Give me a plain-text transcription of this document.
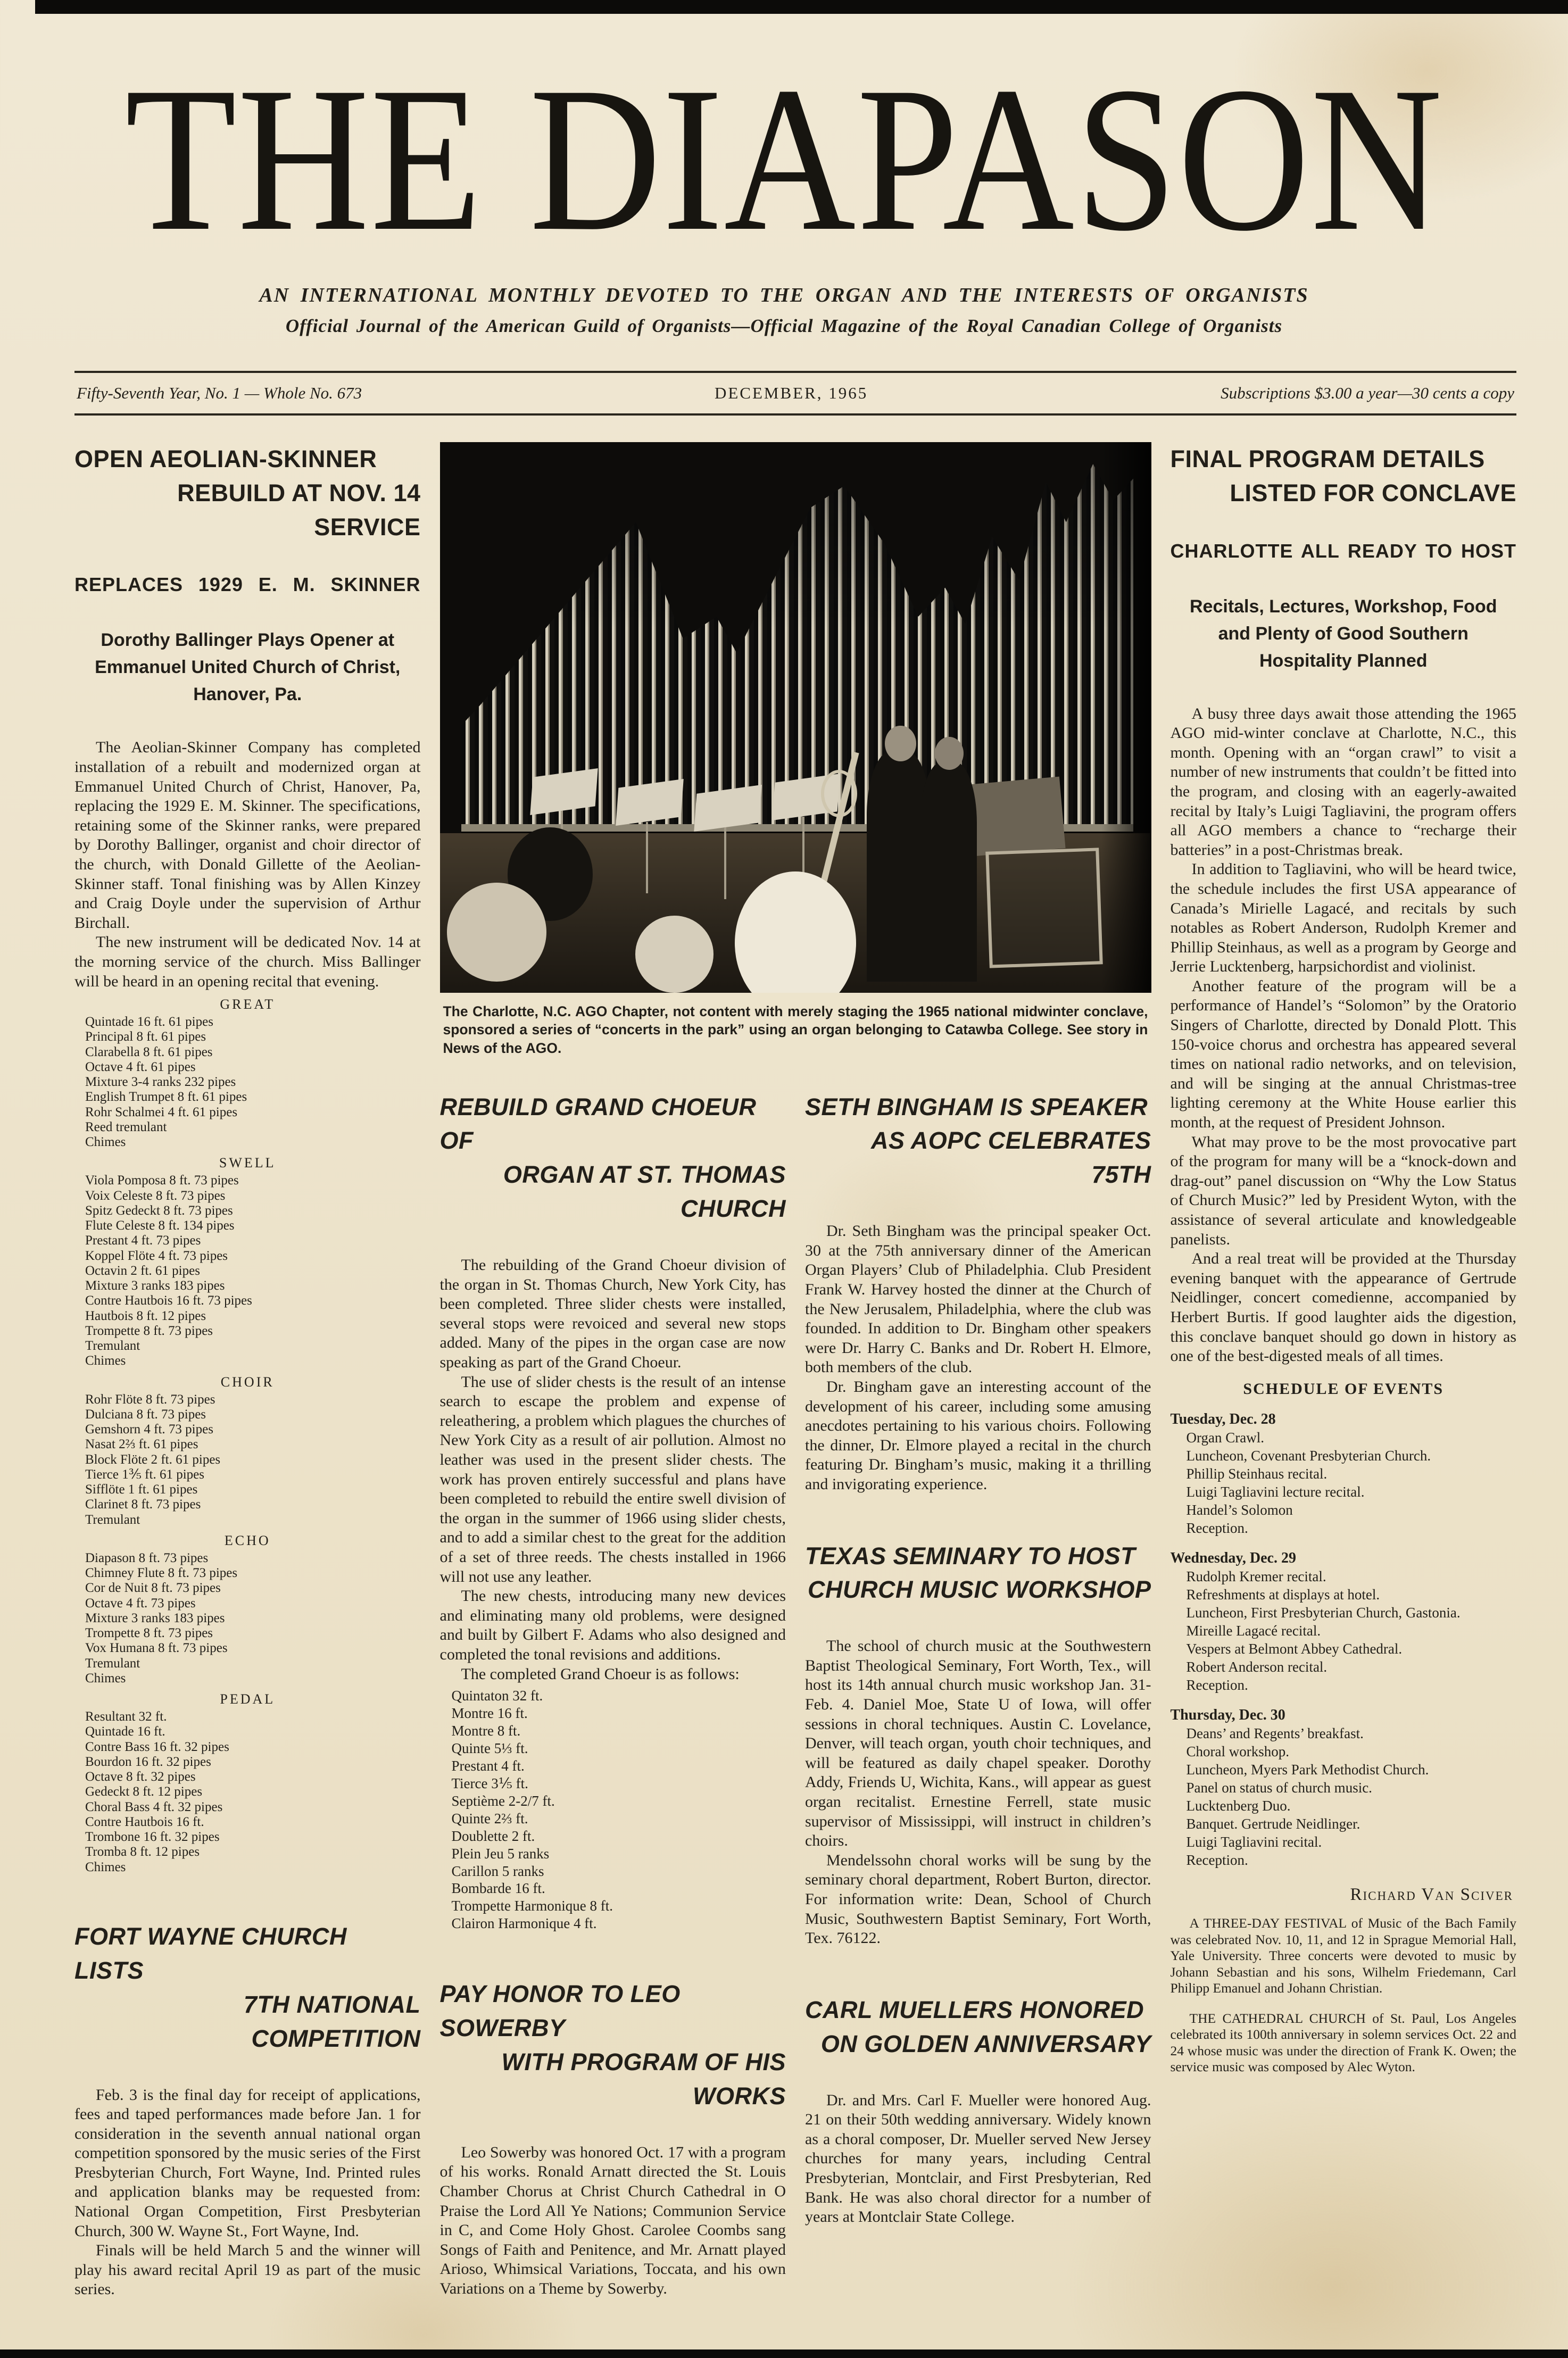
THE DIAPASON
AN INTERNATIONAL MONTHLY DEVOTED TO THE ORGAN AND THE INTERESTS OF ORGANISTS
Official Journal of the American Guild of Organists—Official Magazine of the Royal Canadian College of Organists
Fifty-Seventh Year, No. 1 — Whole No. 673	DECEMBER, 1965	Subscriptions $3.00 a year—30 cents a copy
OPEN AEOLIAN-SKINNER
REBUILD AT NOV. 14 SERVICE
REPLACES 1929 E. M. SKINNER
Dorothy Ballinger Plays Opener at Emmanuel United Church of Christ, Hanover, Pa.

The Aeolian-Skinner Company has completed installation of a rebuilt and modernized organ at Emmanuel United Church of Christ, Hanover, Pa, replacing the 1929 E. M. Skinner. The specifications, retaining some of the Skinner ranks, were prepared by Dorothy Ballinger, organist and choir director of the church, with Donald Gillette of the Aeolian-Skinner staff. Tonal finishing was by Allen Kinzey and Craig Doyle under the supervision of Arthur Birchall.

The new instrument will be dedicated Nov. 14 at the morning service of the church. Miss Ballinger will be heard in an opening recital that evening.

GREAT
Quintade 16 ft. 61 pipes
Principal 8 ft. 61 pipes
Clarabella 8 ft. 61 pipes
Octave 4 ft. 61 pipes
Mixture 3-4 ranks 232 pipes
English Trumpet 8 ft. 61 pipes
Rohr Schalmei 4 ft. 61 pipes
Reed tremulant
Chimes
SWELL
Viola Pomposa 8 ft. 73 pipes
Voix Celeste 8 ft. 73 pipes
Spitz Gedeckt 8 ft. 73 pipes
Flute Celeste 8 ft. 134 pipes
Prestant 4 ft. 73 pipes
Koppel Flöte 4 ft. 73 pipes
Octavin 2 ft. 61 pipes
Mixture 3 ranks 183 pipes
Contre Hautbois 16 ft. 73 pipes
Hautbois 8 ft. 12 pipes
Trompette 8 ft. 73 pipes
Tremulant
Chimes
CHOIR
Rohr Flöte 8 ft. 73 pipes
Dulciana 8 ft. 73 pipes
Gemshorn 4 ft. 73 pipes
Nasat 2⅔ ft. 61 pipes
Block Flöte 2 ft. 61 pipes
Tierce 1⅗ ft. 61 pipes
Sifflöte 1 ft. 61 pipes
Clarinet 8 ft. 73 pipes
Tremulant
ECHO
Diapason 8 ft. 73 pipes
Chimney Flute 8 ft. 73 pipes
Cor de Nuit 8 ft. 73 pipes
Octave 4 ft. 73 pipes
Mixture 3 ranks 183 pipes
Trompette 8 ft. 73 pipes
Vox Humana 8 ft. 73 pipes
Tremulant
Chimes
PEDAL
Resultant 32 ft.
Quintade 16 ft.
Contre Bass 16 ft. 32 pipes
Bourdon 16 ft. 32 pipes
Octave 8 ft. 32 pipes
Gedeckt 8 ft. 12 pipes
Choral Bass 4 ft. 32 pipes
Contre Hautbois 16 ft.
Trombone 16 ft. 32 pipes
Tromba 8 ft. 12 pipes
Chimes
FORT WAYNE CHURCH LISTS
7TH NATIONAL COMPETITION

Feb. 3 is the final day for receipt of applications, fees and taped performances made before Jan. 1 for consideration in the seventh annual national organ competition sponsored by the music series of the First Presbyterian Church, Fort Wayne, Ind. Printed rules and application blanks may be requested from: National Organ Competition, First Presbyterian Church, 300 W. Wayne St., Fort Wayne, Ind.

Finals will be held March 5 and the winner will play his award recital April 19 as part of the music series.

The Charlotte, N.C. AGO Chapter, not content with merely staging the 1965 national midwinter conclave, sponsored a series of “concerts in the park” using an organ belonging to Catawba College. See story in News of the AGO.
REBUILD GRAND CHOEUR OF
ORGAN AT ST. THOMAS CHURCH

The rebuilding of the Grand Choeur division of the organ in St. Thomas Church, New York City, has been completed. Three slider chests were installed, several stops were revoiced and several new stops added. Many of the pipes in the organ case are now speaking as part of the Grand Choeur.

The use of slider chests is the result of an intense search to escape the problem and expense of releathering, a problem which plagues the churches of New York City as a result of air pollution. Almost no leather was used in the present slider chests. The work has proven entirely successful and plans have been completed to rebuild the entire swell division of the organ in the summer of 1966 using slider chests, and to add a similar chest to the great for the addition of a set of three reeds. The chests installed in 1966 will not use any leather.

The new chests, introducing many new devices and eliminating many old problems, were designed and built by Gilbert F. Adams who also designed and completed the tonal revisions and additions.

The completed Grand Choeur is as follows:

Quintaton 32 ft.
Montre 16 ft.
Montre 8 ft.
Quinte 5⅓ ft.
Prestant 4 ft.
Tierce 3⅕ ft.
Septième 2-2/7 ft.
Quinte 2⅔ ft.
Doublette 2 ft.
Plein Jeu 5 ranks
Carillon 5 ranks
Bombarde 16 ft.
Trompette Harmonique 8 ft.
Clairon Harmonique 4 ft.
PAY HONOR TO LEO SOWERBY
WITH PROGRAM OF HIS WORKS

Leo Sowerby was honored Oct. 17 with a program of his works. Ronald Arnatt directed the St. Louis Chamber Chorus at Christ Church Cathedral in O Praise the Lord All Ye Nations; Communion Service in C, and Come Holy Ghost. Carolee Coombs sang Songs of Faith and Penitence, and Mr. Arnatt played Arioso, Whimsical Variations, Toccata, and his own Variations on a Theme by Sowerby.

SETH BINGHAM IS SPEAKER
AS AOPC CELEBRATES 75TH

Dr. Seth Bingham was the principal speaker Oct. 30 at the 75th anniversary dinner of the American Organ Players’ Club of Philadelphia. Club President Frank W. Harvey hosted the dinner at the Church of the New Jerusalem, Philadelphia, where the club was founded. In addition to Dr. Bingham other speakers were Dr. Harry C. Banks and Dr. Robert H. Elmore, both members of the club.

Dr. Bingham gave an interesting account of the development of his career, including some amusing anecdotes pertaining to his various choirs. Following the dinner, Dr. Elmore played a recital in the church featuring Dr. Bingham’s music, making it a thrilling and invigorating experience.

TEXAS SEMINARY TO HOST
CHURCH MUSIC WORKSHOP

The school of church music at the Southwestern Baptist Theological Seminary, Fort Worth, Tex., will host its 14th annual church music workshop Jan. 31-Feb. 4. Daniel Moe, State U of Iowa, will offer sessions in choral techniques. Austin C. Lovelance, Denver, will teach organ, youth choir techniques, and will be featured as daily chapel speaker. Dorothy Addy, Friends U, Wichita, Kans., will appear as guest organ recitalist. Ernestine Ferrell, state music supervisor of Mississippi, will instruct in children’s choirs.

Mendelssohn choral works will be sung by the seminary choral department, Robert Burton, director. For information write: Dean, School of Church Music, Southwestern Baptist Seminary, Fort Worth, Tex. 76122.

CARL MUELLERS HONORED
ON GOLDEN ANNIVERSARY

Dr. and Mrs. Carl F. Mueller were honored Aug. 21 on their 50th wedding anniversary. Widely known as a choral composer, Dr. Mueller served New Jersey churches for many years, including Central Presbyterian, Montclair, and First Presbyterian, Red Bank. He was also choral director for a number of years at Montclair State College.

FINAL PROGRAM DETAILS
LISTED FOR CONCLAVE
CHARLOTTE ALL READY TO HOST
Recitals, Lectures, Workshop, Food and Plenty of Good Southern Hospitality Planned

A busy three days await those attending the 1965 AGO mid-winter conclave at Charlotte, N.C., this month. Opening with an “organ crawl” to visit a number of new instruments that couldn’t be fitted into the program, and closing with an eagerly-awaited recital by Italy’s Luigi Tagliavini, the program offers all AGO members a chance to “recharge their batteries” in a post-Christmas break.

In addition to Tagliavini, who will be heard twice, the schedule includes the first USA appearance of Canada’s Mirielle Lagacé, and recitals by such notables as Robert Anderson, Rudolph Kremer and Phillip Steinhaus, as well as a program by George and Jerrie Lucktenberg, harpsichordist and violinist.

Another feature of the program will be a performance of Handel’s “Solomon” by the Oratorio Singers of Charlotte, directed by Donald Plott. This 150-voice chorus and orchestra has appeared several times on national radio networks, and on television, and will be singing at the annual Christmas-tree lighting ceremony at the White House earlier this month, at the request of President Johnson.

What may prove to be the most provocative part of the program for many will be a “knock-down and drag-out” panel discussion on “Why the Low Status of Church Music?” led by President Wyton, with the assistance of several articulate and knowledgeable panelists.

And a real treat will be provided at the Thursday evening banquet with the appearance of Gertrude Neidlinger, concert comedienne, accompanied by Herbert Burtis. If good laughter aids the digestion, this conclave banquet should go down in history as one of the best-digested meals of all times.

SCHEDULE OF EVENTS
Tuesday, Dec. 28
Organ Crawl.
Luncheon, Covenant Presbyterian Church.
Phillip Steinhaus recital.
Luigi Tagliavini lecture recital.
Handel’s Solomon
Reception.
Wednesday, Dec. 29
Rudolph Kremer recital.
Refreshments at displays at hotel.
Luncheon, First Presbyterian Church, Gastonia.
Mireille Lagacé recital.
Vespers at Belmont Abbey Cathedral.
Robert Anderson recital.
Reception.
Thursday, Dec. 30
Deans’ and Regents’ breakfast.
Choral workshop.
Luncheon, Myers Park Methodist Church.
Panel on status of church music.
Lucktenberg Duo.
Banquet. Gertrude Neidlinger.
Luigi Tagliavini recital.
Reception.
Richard Van Sciver

A THREE-DAY FESTIVAL of Music of the Bach Family was celebrated Nov. 10, 11, and 12 in Sprague Memorial Hall, Yale University. Three concerts were devoted to music by Johann Sebastian and his sons, Wilhelm Friedemann, Carl Philipp Emanuel and Johann Christian.

THE CATHEDRAL CHURCH of St. Paul, Los Angeles celebrated its 100th anniversary in solemn services Oct. 22 and 24 whose music was under the direction of Frank K. Owen; the service music was composed by Alec Wyton.
